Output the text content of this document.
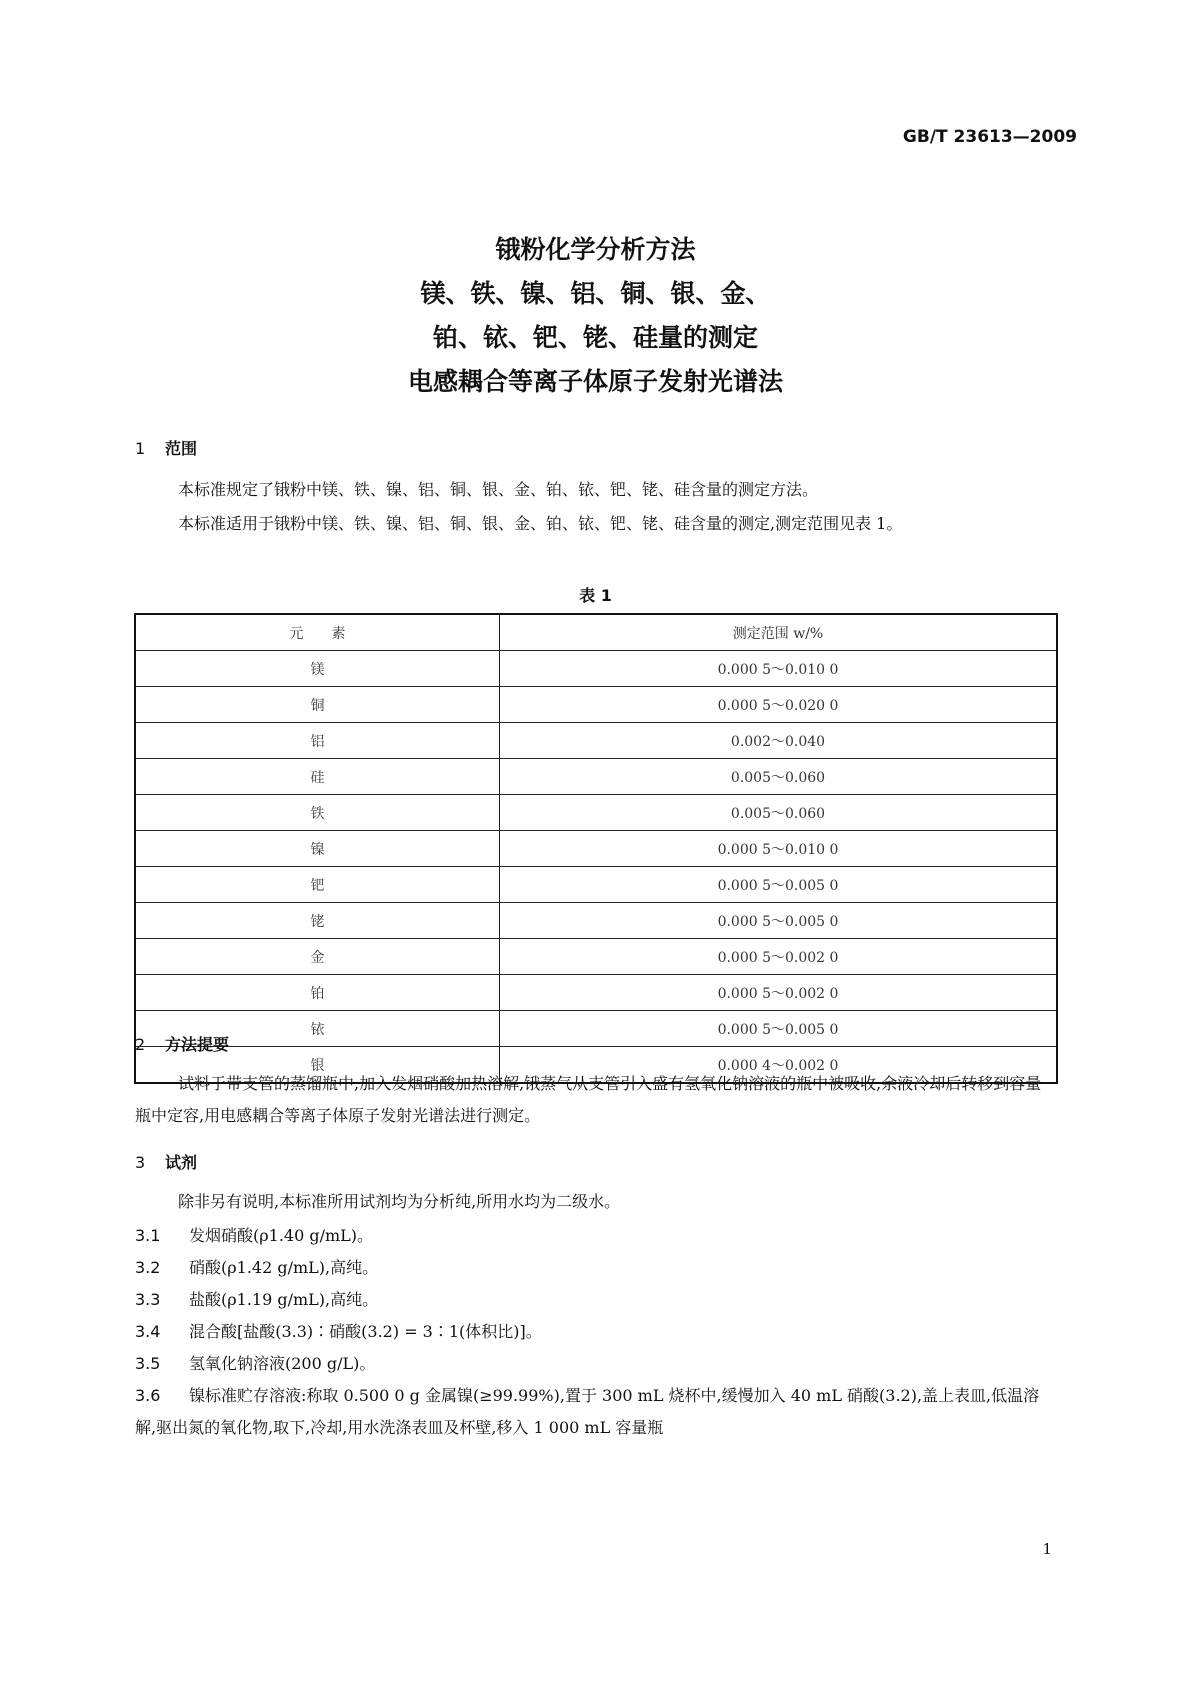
GB/T 23613—2009
锇粉化学分析方法
镁、铁、镍、铝、铜、银、金、
铂、铱、钯、铑、硅量的测定
电感耦合等离子体原子发射光谱法
1 范围
本标准规定了锇粉中镁、铁、镍、铝、铜、银、金、铂、铱、钯、铑、硅含量的测定方法。
本标准适用于锇粉中镁、铁、镍、铝、铜、银、金、铂、铱、钯、铑、硅含量的测定,测定范围见表 1。
表 1
元　　素	测定范围 w/%
镁	0.000 5～0.010 0
铜	0.000 5～0.020 0
铝	0.002～0.040
硅	0.005～0.060
铁	0.005～0.060
镍	0.000 5～0.010 0
钯	0.000 5～0.005 0
铑	0.000 5～0.005 0
金	0.000 5～0.002 0
铂	0.000 5～0.002 0
铱	0.000 5～0.005 0
银	0.000 4～0.002 0
2 方法提要
试料于带支管的蒸馏瓶中,加入发烟硝酸加热溶解,锇蒸气从支管引入盛有氢氧化钠溶液的瓶中被吸收,余液冷却后转移到容量瓶中定容,用电感耦合等离子体原子发射光谱法进行测定。
3 试剂
除非另有说明,本标准所用试剂均为分析纯,所用水均为二级水。
3.1 发烟硝酸(ρ1.40 g/mL)。
3.2 硝酸(ρ1.42 g/mL),高纯。
3.3 盐酸(ρ1.19 g/mL),高纯。
3.4 混合酸[盐酸(3.3)∶硝酸(3.2) = 3∶1(体积比)]。
3.5 氢氧化钠溶液(200 g/L)。
3.6 镍标准贮存溶液:称取 0.500 0 g 金属镍(≥99.99%),置于 300 mL 烧杯中,缓慢加入 40 mL 硝酸(3.2),盖上表皿,低温溶解,驱出氮的氧化物,取下,冷却,用水洗涤表皿及杯壁,移入 1 000 mL 容量瓶
1
